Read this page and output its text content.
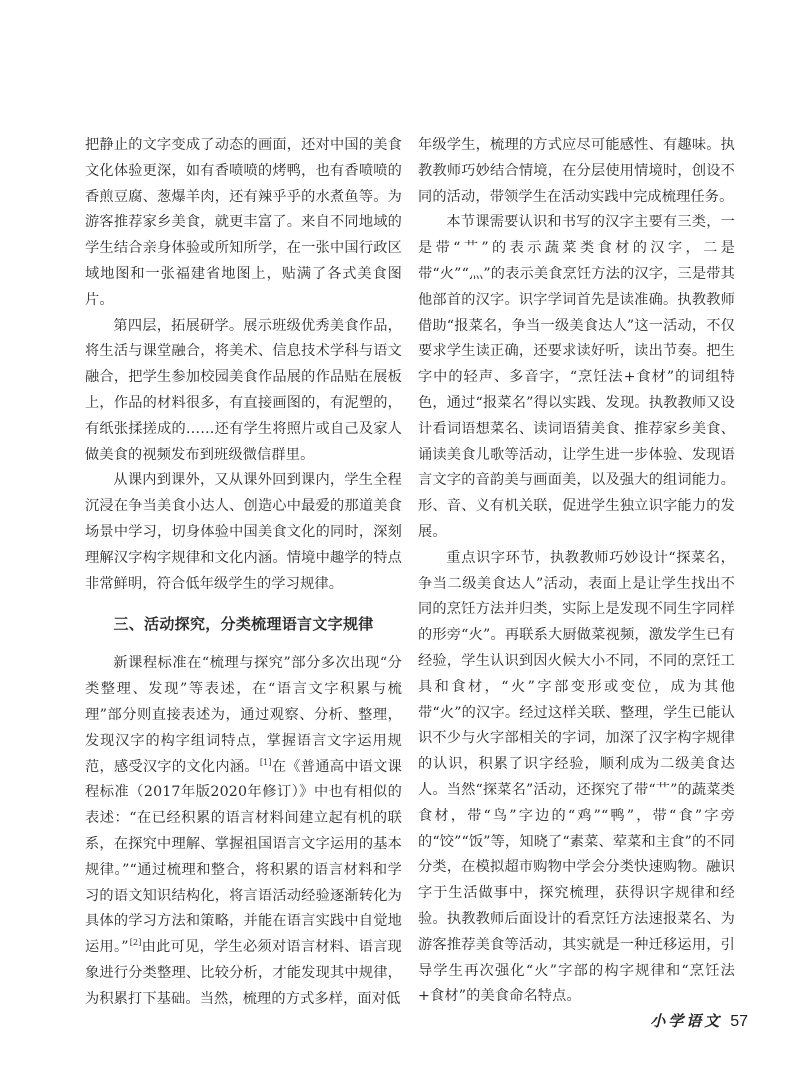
把静止的文字变成了动态的画面，还对中国的美食文化体验更深，如有香喷喷的烤鸭，也有香喷喷的香煎豆腐、葱爆羊肉，还有辣乎乎的水煮鱼等。为游客推荐家乡美食，就更丰富了。来自不同地域的学生结合亲身体验或所知所学，在一张中国行政区域地图和一张福建省地图上，贴满了各式美食图片。

第四层，拓展研学。展示班级优秀美食作品，将生活与课堂融合，将美术、信息技术学科与语文融合，把学生参加校园美食作品展的作品贴在展板上，作品的材料很多，有直接画图的，有泥塑的，有纸张揉搓成的……还有学生将照片或自己及家人做美食的视频发布到班级微信群里。

从课内到课外，又从课外回到课内，学生全程沉浸在争当美食小达人、创造心中最爱的那道美食场景中学习，切身体验中国美食文化的同时，深刻理解汉字构字规律和文化内涵。情境中趣学的特点非常鲜明，符合低年级学生的学习规律。

三、活动探究，分类梳理语言文字规律

新课程标准在“梳理与探究”部分多次出现“分类整理、发现”等表述，在“语言文字积累与梳理”部分则直接表述为，通过观察、分析、整理，发现汉字的构字组词特点，掌握语言文字运用规范，感受汉字的文化内涵。[1]在《普通高中语文课程标准（2017年版2020年修订）》中也有相似的表述：“在已经积累的语言材料间建立起有机的联系，在探究中理解、掌握祖国语言文字运用的基本规律。”“通过梳理和整合，将积累的语言材料和学习的语文知识结构化，将言语活动经验逐渐转化为具体的学习方法和策略，并能在语言实践中自觉地运用。”[2]由此可见，学生必须对语言材料、语言现象进行分类整理、比较分析，才能发现其中规律，为积累打下基础。当然，梳理的方式多样，面对低

年级学生，梳理的方式应尽可能感性、有趣味。执教教师巧妙结合情境，在分层使用情境时，创设不同的活动，带领学生在活动实践中完成梳理任务。

本节课需要认识和书写的汉字主要有三类，一是带“艹”的表示蔬菜类食材的汉字，二是带“火”“灬”的表示美食烹饪方法的汉字，三是带其他部首的汉字。识字学词首先是读准确。执教教师借助“报菜名，争当一级美食达人”这一活动，不仅要求学生读正确，还要求读好听，读出节奏。把生字中的轻声、多音字，“烹饪法+食材”的词组特色，通过“报菜名”得以实践、发现。执教教师又设计看词语想菜名、读词语猜美食、推荐家乡美食、诵读美食儿歌等活动，让学生进一步体验、发现语言文字的音韵美与画面美，以及强大的组词能力。形、音、义有机关联，促进学生独立识字能力的发展。

重点识字环节，执教教师巧妙设计“探菜名，争当二级美食达人”活动，表面上是让学生找出不同的烹饪方法并归类，实际上是发现不同生字同样的形旁“火”。再联系大厨做菜视频，激发学生已有经验，学生认识到因火候大小不同，不同的烹饪工具和食材，“火”字部变形或变位，成为其他带“火”的汉字。经过这样关联、整理，学生已能认识不少与火字部相关的字词，加深了汉字构字规律的认识，积累了识字经验，顺利成为二级美食达人。当然“探菜名”活动，还探究了带“艹”的蔬菜类食材，带“鸟”字边的“鸡”“鸭”，带“食”字旁的“饺”“饭”等，知晓了“素菜、荤菜和主食”的不同分类，在模拟超市购物中学会分类快速购物。融识字于生活做事中，探究梳理，获得识字规律和经验。执教教师后面设计的看烹饪方法速报菜名、为游客推荐美食等活动，其实就是一种迁移运用，引导学生再次强化“火”字部的构字规律和“烹饪法+食材”的美食命名特点。

小学语文 57
